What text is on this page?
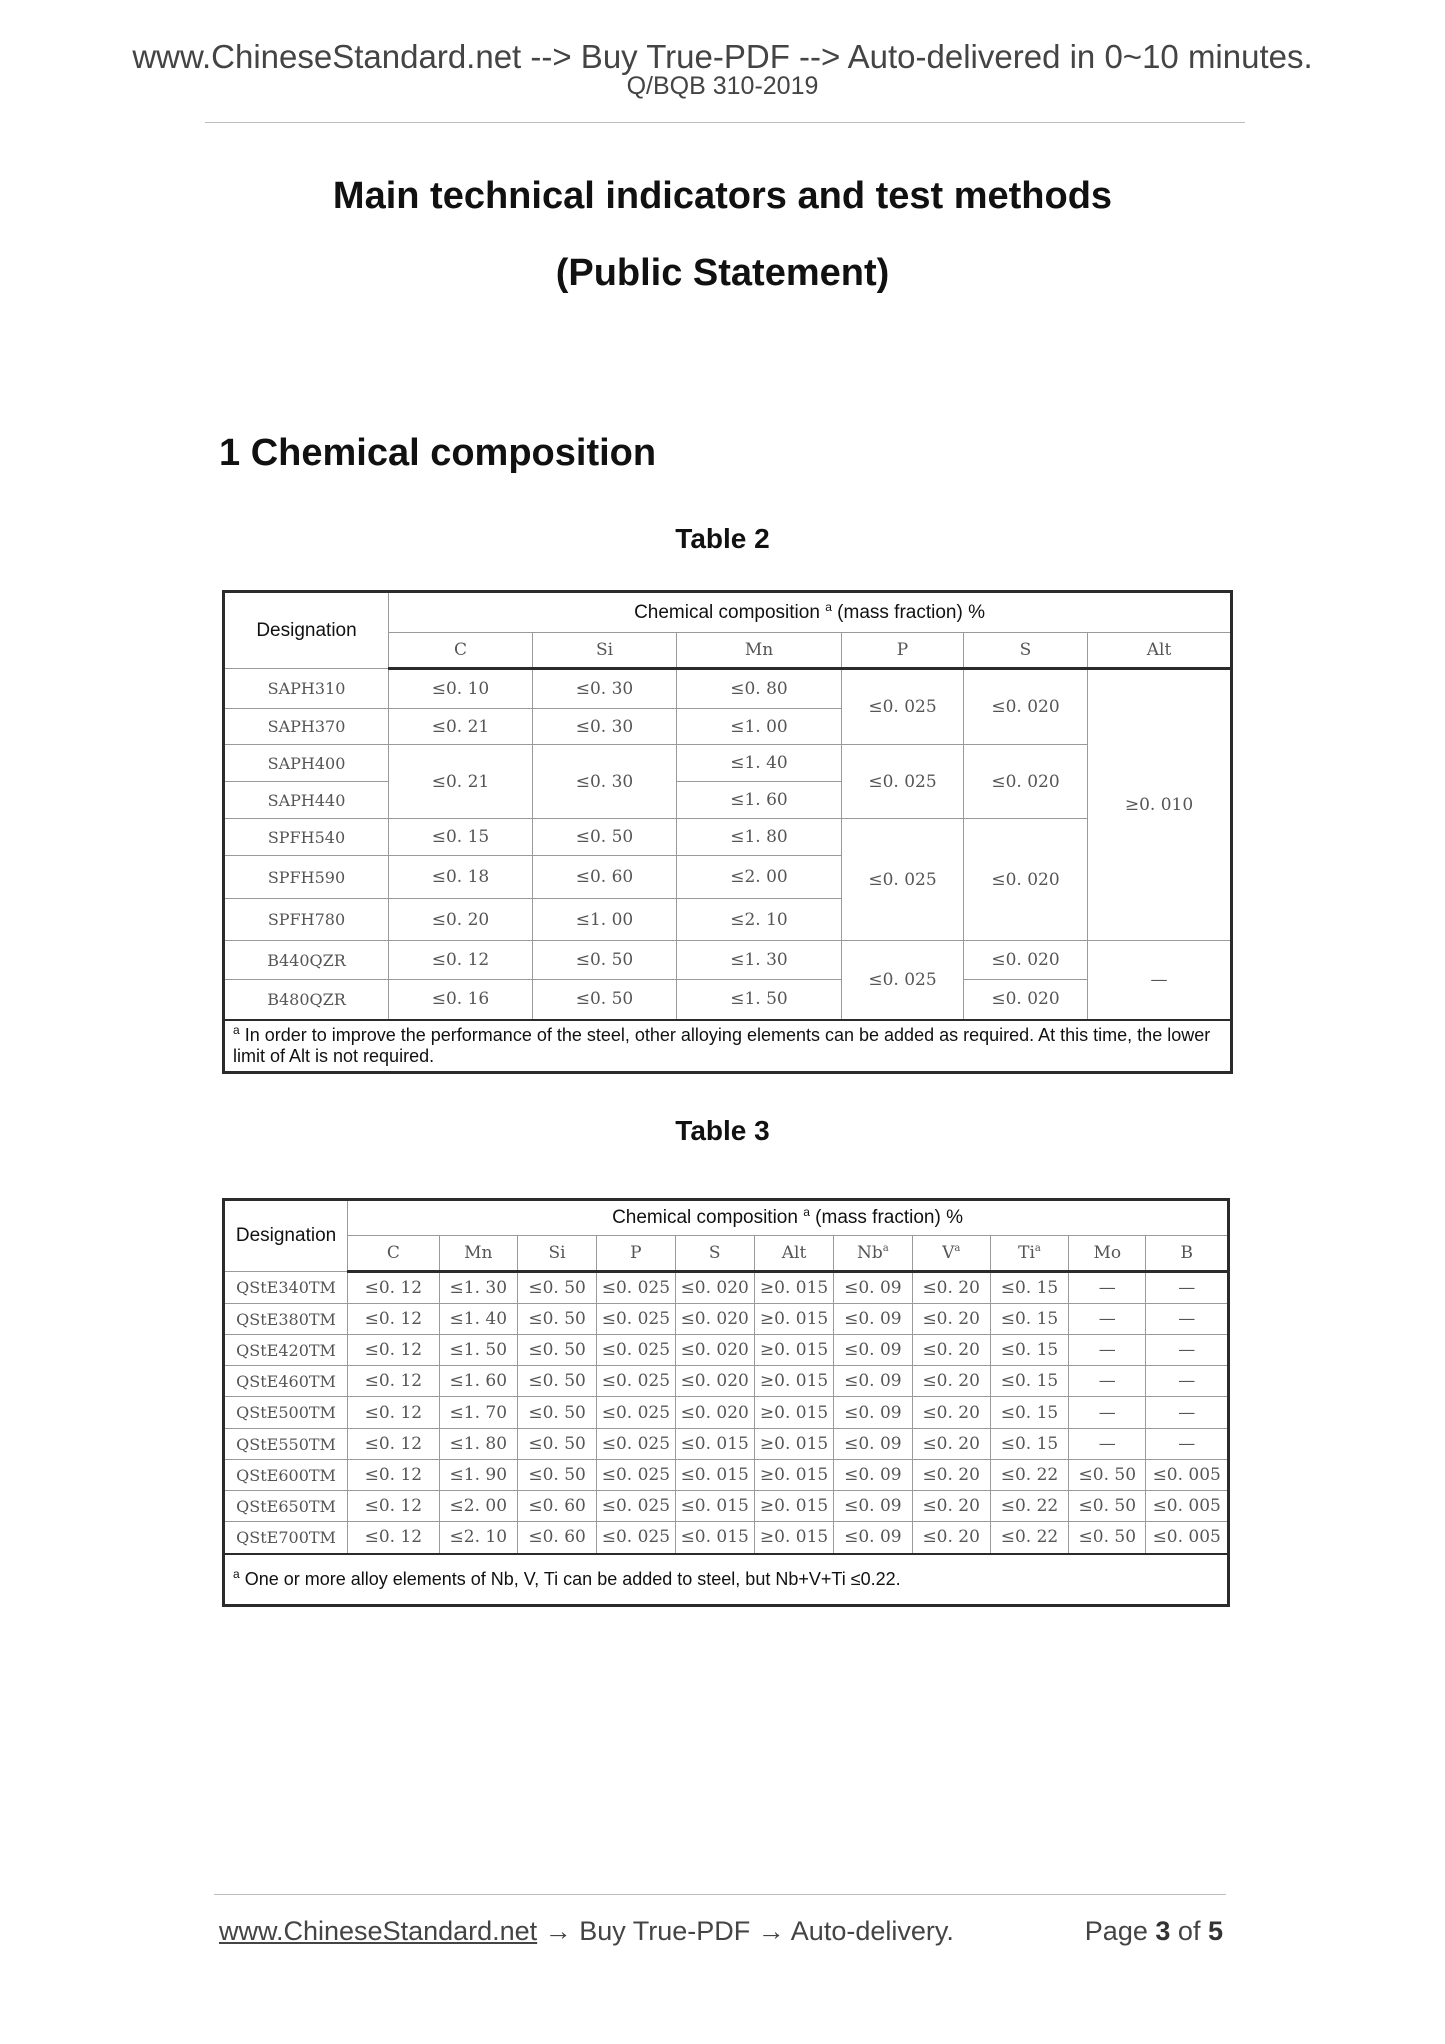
www.ChineseStandard.net --> Buy True-PDF --> Auto-delivered in 0~10 minutes.
Q/BQB 310-2019
Main technical indicators and test methods
(Public Statement)
1 Chemical composition
Table 2
Designation	Chemical composition $^a$ (mass fraction) %					
	C	Si	Mn	P	S	Alt
SAPH310	≤0. 10	≤0. 30	≤0. 80	≤0. 025	≤0. 020	≥0. 010
SAPH370	≤0. 21	≤0. 30	≤1. 00			
SAPH400	≤0. 21	≤0. 30	≤1. 40	≤0. 025	≤0. 020	
SAPH440			≤1. 60			
SPFH540	≤0. 15	≤0. 50	≤1. 80	≤0. 025	≤0. 020	
SPFH590	≤0. 18	≤0. 60	≤2. 00			
SPFH780	≤0. 20	≤1. 00	≤2. 10			
B440QZR	≤0. 12	≤0. 50	≤1. 30	≤0. 025	≤0. 020	—
B480QZR	≤0. 16	≤0. 50	≤1. 50		≤0. 020	
$^a$ In order to improve the performance of the steel, other alloying elements can be added as required. At this time, the lower limit of Alt is not required.						
Table 3
Designation	Chemical composition $^a$ (mass fraction) %										
	C	Mn	Si	P	S	Alt	Nb$^a$	$V^a$	Ti$^a$	Mo	B
QStE340TM	≤0. 12	≤1. 30	≤0. 50	≤0. 025	≤0. 020	≥0. 015	≤0. 09	≤0. 20	≤0. 15	—	—
QStE380TM	≤0. 12	≤1. 40	≤0. 50	≤0. 025	≤0. 020	≥0. 015	≤0. 09	≤0. 20	≤0. 15	—	—
QStE420TM	≤0. 12	≤1. 50	≤0. 50	≤0. 025	≤0. 020	≥0. 015	≤0. 09	≤0. 20	≤0. 15	—	—
QStE460TM	≤0. 12	≤1. 60	≤0. 50	≤0. 025	≤0. 020	≥0. 015	≤0. 09	≤0. 20	≤0. 15	—	—
QStE500TM	≤0. 12	≤1. 70	≤0. 50	≤0. 025	≤0. 020	≥0. 015	≤0. 09	≤0. 20	≤0. 15	—	—
QStE550TM	≤0. 12	≤1. 80	≤0. 50	≤0. 025	≤0. 015	≥0. 015	≤0. 09	≤0. 20	≤0. 15	—	—
QStE600TM	≤0. 12	≤1. 90	≤0. 50	≤0. 025	≤0. 015	≥0. 015	≤0. 09	≤0. 20	≤0. 22	≤0. 50	≤0. 005
QStE650TM	≤0. 12	≤2. 00	≤0. 60	≤0. 025	≤0. 015	≥0. 015	≤0. 09	≤0. 20	≤0. 22	≤0. 50	≤0. 005
QStE700TM	≤0. 12	≤2. 10	≤0. 60	≤0. 025	≤0. 015	≥0. 015	≤0. 09	≤0. 20	≤0. 22	≤0. 50	≤0. 005
$^a$ One or more alloy elements of Nb, V, Ti can be added to steel, but Nb+V+Ti ≤0.22.											
www.ChineseStandard.net → Buy True-PDF → Auto-delivery.	Page 3 of 5
